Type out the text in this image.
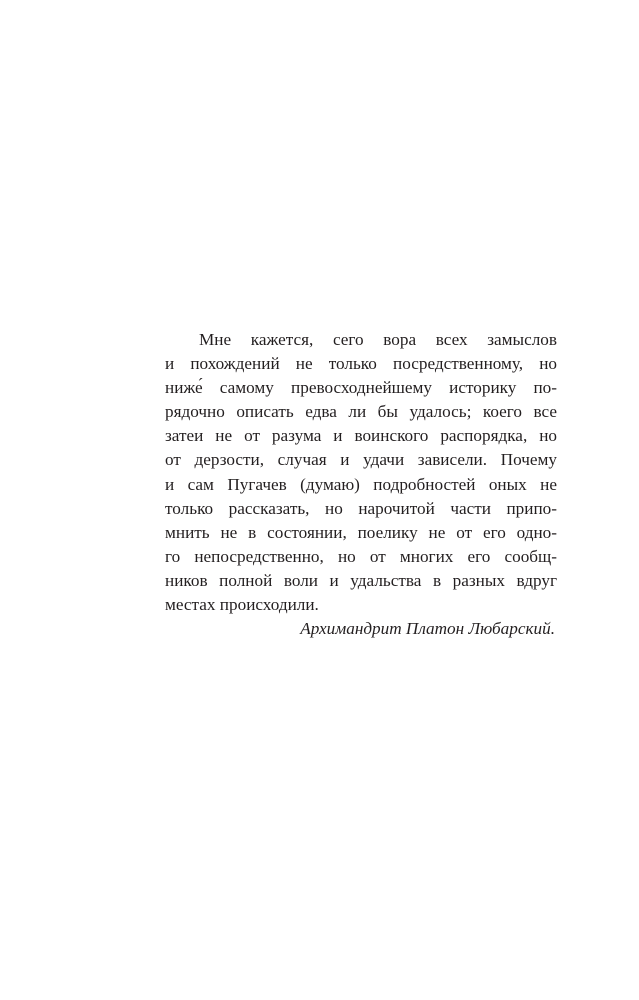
Мне кажется, сего вора всех замыслов
и похождений не только посредственному, но
ниже́ самому превосходнейшему историку по-
рядочно описать едва ли бы удалось; коего все
затеи не от разума и воинского распорядка, но
от дерзости, случая и удачи зависели. Почему
и сам Пугачев (думаю) подробностей оных не
только рассказать, но нарочитой части припо-
мнить не в состоянии, поелику не от его одно-
го непосредственно, но от многих его сообщ-
ников полной воли и удальства в разных вдруг
местах происходили.
Архимандрит Платон Любарский.
